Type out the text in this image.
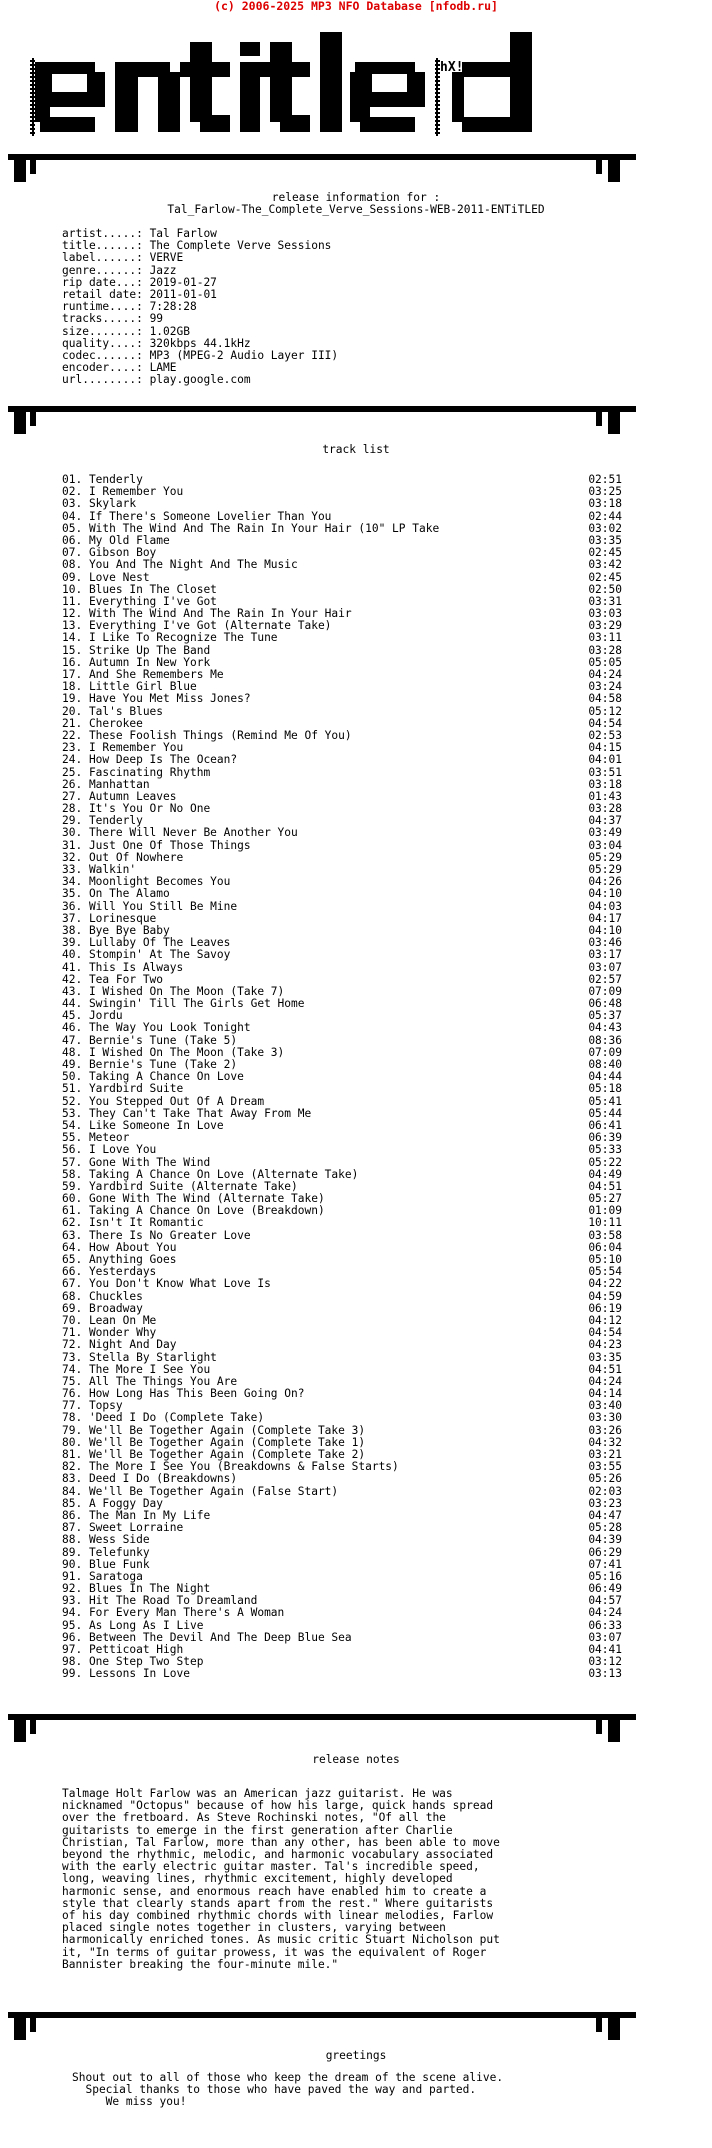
(c) 2006-2025 MP3 NFO Database [nfodb.ru]
hX!
release information for :
Tal_Farlow-The_Complete_Verve_Sessions-WEB-2011-ENTiTLED
artist.....: Tal Farlow
title......: The Complete Verve Sessions
label......: VERVE
genre......: Jazz
rip date...: 2019-01-27
retail date: 2011-01-01
runtime....: 7:28:28
tracks.....: 99
size.......: 1.02GB
quality....: 320kbps 44.1kHz
codec......: MP3 (MPEG-2 Audio Layer III)
encoder....: LAME
url........: play.google.com
track list
01. Tenderly	02:51
02. I Remember You	03:25
03. Skylark	03:18
04. If There's Someone Lovelier Than You	02:44
05. With The Wind And The Rain In Your Hair (10" LP Take	03:02
06. My Old Flame	03:35
07. Gibson Boy	02:45
08. You And The Night And The Music	03:42
09. Love Nest	02:45
10. Blues In The Closet	02:50
11. Everything I've Got	03:31
12. With The Wind And The Rain In Your Hair	03:03
13. Everything I've Got (Alternate Take)	03:29
14. I Like To Recognize The Tune	03:11
15. Strike Up The Band	03:28
16. Autumn In New York	05:05
17. And She Remembers Me	04:24
18. Little Girl Blue	03:24
19. Have You Met Miss Jones?	04:58
20. Tal's Blues	05:12
21. Cherokee	04:54
22. These Foolish Things (Remind Me Of You)	02:53
23. I Remember You	04:15
24. How Deep Is The Ocean?	04:01
25. Fascinating Rhythm	03:51
26. Manhattan	03:18
27. Autumn Leaves	01:43
28. It's You Or No One	03:28
29. Tenderly	04:37
30. There Will Never Be Another You	03:49
31. Just One Of Those Things	03:04
32. Out Of Nowhere	05:29
33. Walkin'	05:29
34. Moonlight Becomes You	04:26
35. On The Alamo	04:10
36. Will You Still Be Mine	04:03
37. Lorinesque	04:17
38. Bye Bye Baby	04:10
39. Lullaby Of The Leaves	03:46
40. Stompin' At The Savoy	03:17
41. This Is Always	03:07
42. Tea For Two	02:57
43. I Wished On The Moon (Take 7)	07:09
44. Swingin' Till The Girls Get Home	06:48
45. Jordu	05:37
46. The Way You Look Tonight	04:43
47. Bernie's Tune (Take 5)	08:36
48. I Wished On The Moon (Take 3)	07:09
49. Bernie's Tune (Take 2)	08:40
50. Taking A Chance On Love	04:44
51. Yardbird Suite	05:18
52. You Stepped Out Of A Dream	05:41
53. They Can't Take That Away From Me	05:44
54. Like Someone In Love	06:41
55. Meteor	06:39
56. I Love You	05:33
57. Gone With The Wind	05:22
58. Taking A Chance On Love (Alternate Take)	04:49
59. Yardbird Suite (Alternate Take)	04:51
60. Gone With The Wind (Alternate Take)	05:27
61. Taking A Chance On Love (Breakdown)	01:09
62. Isn't It Romantic	10:11
63. There Is No Greater Love	03:58
64. How About You	06:04
65. Anything Goes	05:10
66. Yesterdays	05:54
67. You Don't Know What Love Is	04:22
68. Chuckles	04:59
69. Broadway	06:19
70. Lean On Me	04:12
71. Wonder Why	04:54
72. Night And Day	04:23
73. Stella By Starlight	03:35
74. The More I See You	04:51
75. All The Things You Are	04:24
76. How Long Has This Been Going On?	04:14
77. Topsy	03:40
78. 'Deed I Do (Complete Take)	03:30
79. We'll Be Together Again (Complete Take 3)	03:26
80. We'll Be Together Again (Complete Take 1)	04:32
81. We'll Be Together Again (Complete Take 2)	03:21
82. The More I See You (Breakdowns & False Starts)	03:55
83. Deed I Do (Breakdowns)	05:26
84. We'll Be Together Again (False Start)	02:03
85. A Foggy Day	03:23
86. The Man In My Life	04:47
87. Sweet Lorraine	05:28
88. Wess Side	04:39
89. Telefunky	06:29
90. Blue Funk	07:41
91. Saratoga	05:16
92. Blues In The Night	06:49
93. Hit The Road To Dreamland	04:57
94. For Every Man There's A Woman	04:24
95. As Long As I Live	06:33
96. Between The Devil And The Deep Blue Sea	03:07
97. Petticoat High	04:41
98. One Step Two Step	03:12
99. Lessons In Love	03:13
release notes
Talmage Holt Farlow was an American jazz guitarist. He was
nicknamed "Octopus" because of how his large, quick hands spread
over the fretboard. As Steve Rochinski notes, "Of all the
guitarists to emerge in the first generation after Charlie
Christian, Tal Farlow, more than any other, has been able to move
beyond the rhythmic, melodic, and harmonic vocabulary associated
with the early electric guitar master. Tal's incredible speed,
long, weaving lines, rhythmic excitement, highly developed
harmonic sense, and enormous reach have enabled him to create a
style that clearly stands apart from the rest." Where guitarists
of his day combined rhythmic chords with linear melodies, Farlow
placed single notes together in clusters, varying between
harmonically enriched tones. As music critic Stuart Nicholson put
it, "In terms of guitar prowess, it was the equivalent of Roger
Bannister breaking the four-minute mile."
greetings
Shout out to all of those who keep the dream of the scene alive.
Special thanks to those who have paved the way and parted.
We miss you!
